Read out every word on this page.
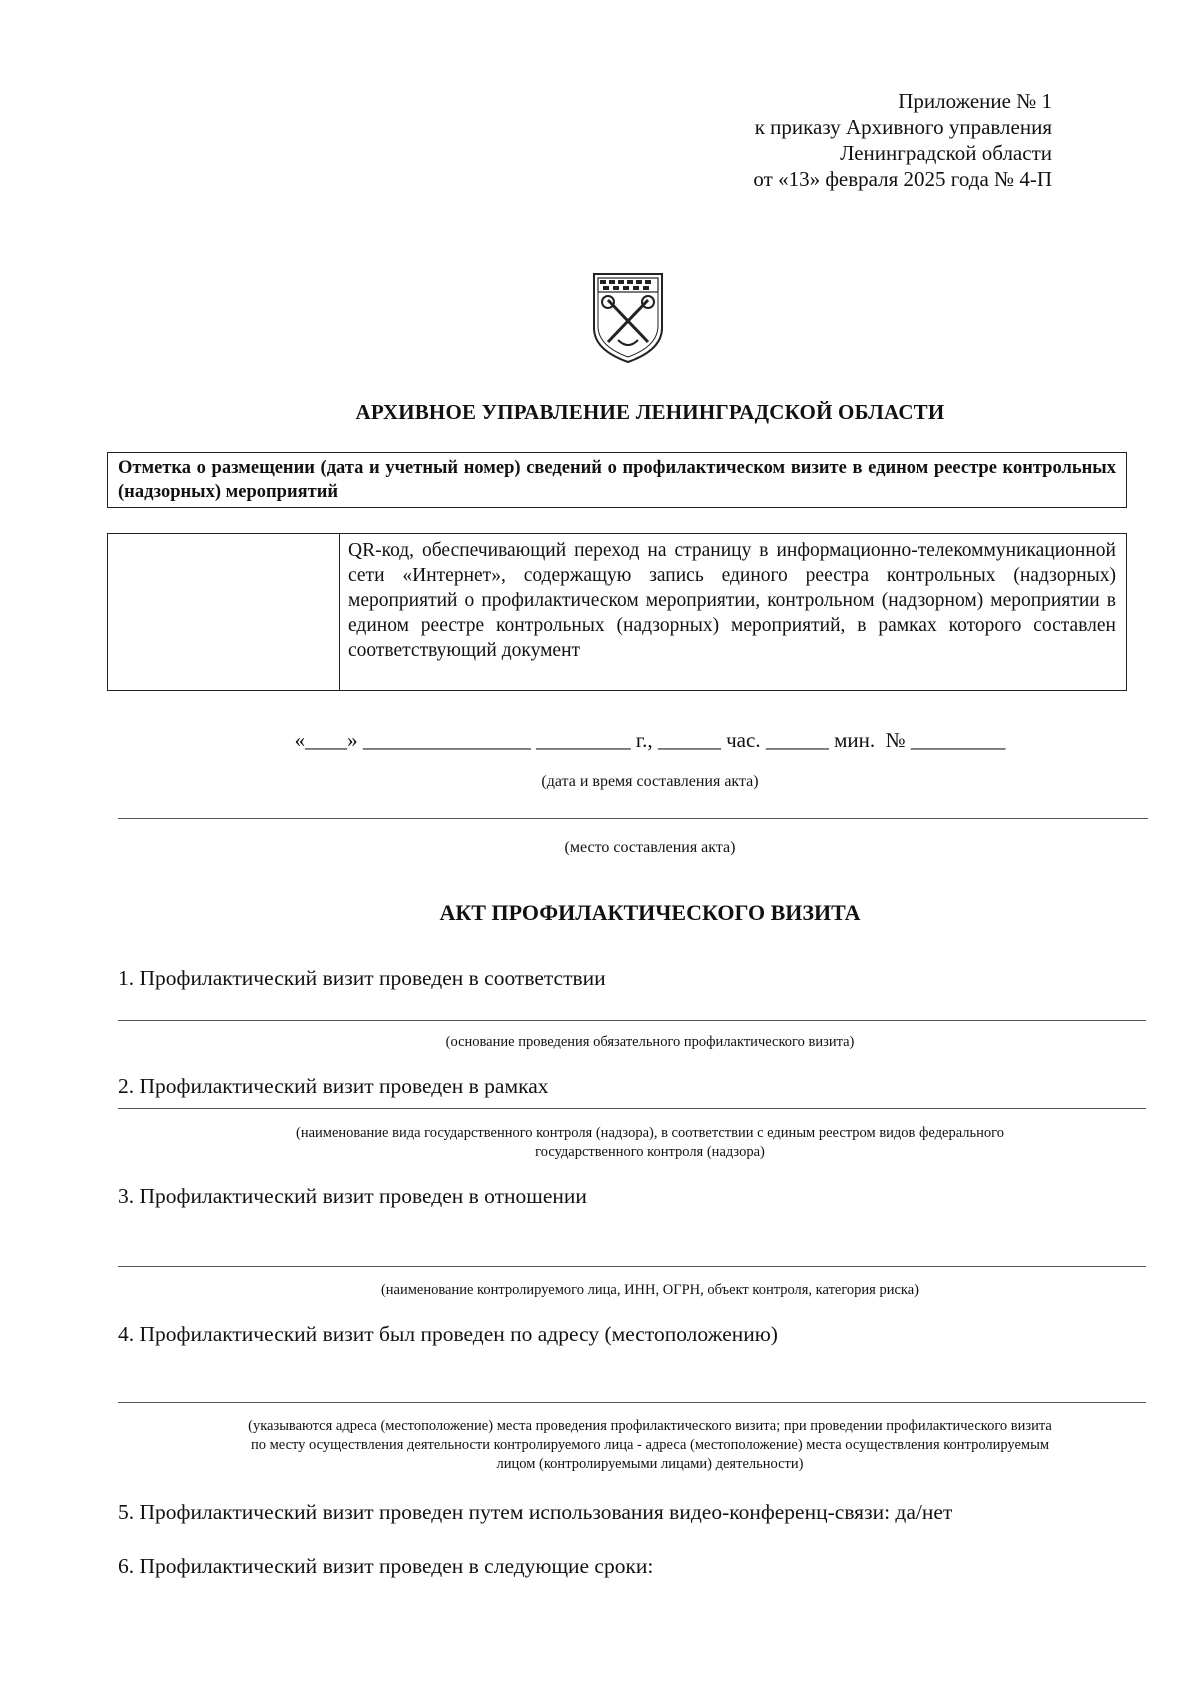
Приложение № 1
к приказу Архивного управления
Ленинградской области
от «13» февраля 2025 года № 4-П
АРХИВНОЕ УПРАВЛЕНИЕ ЛЕНИНГРАДСКОЙ ОБЛАСТИ
Отметка о размещении (дата и учетный номер) сведений о профилактическом визите в едином реестре контрольных (надзорных) мероприятий
QR-код, обеспечивающий переход на страницу в информационно-телекоммуникационной сети «Интернет», содержащую запись единого реестра контрольных (надзорных) мероприятий о профилактическом мероприятии, контрольном (надзорном) мероприятии в едином реестре контрольных (надзорных) мероприятий, в рамках которого составлен соответствующий документ
«____» ________________ _________ г., ______ час. ______ мин.  № _________
(дата и время составления акта)
(место составления акта)
АКТ ПРОФИЛАКТИЧЕСКОГО ВИЗИТА
1. Профилактический визит проведен в соответствии
(основание проведения обязательного профилактического визита)
2. Профилактический визит проведен в рамках
(наименование вида государственного контроля (надзора), в соответствии с единым реестром видов федерального
государственного контроля (надзора)
3. Профилактический визит проведен в отношении
(наименование контролируемого лица, ИНН, ОГРН, объект контроля, категория риска)
4. Профилактический визит был проведен по адресу (местоположению)
(указываются адреса (местоположение) места проведения профилактического визита; при проведении профилактического визита
по месту осуществления деятельности контролируемого лица - адреса (местоположение) места осуществления контролируемым
лицом (контролируемыми лицами) деятельности)
5. Профилактический визит проведен путем использования видео-конференц-связи: да/нет
6. Профилактический визит проведен в следующие сроки:
